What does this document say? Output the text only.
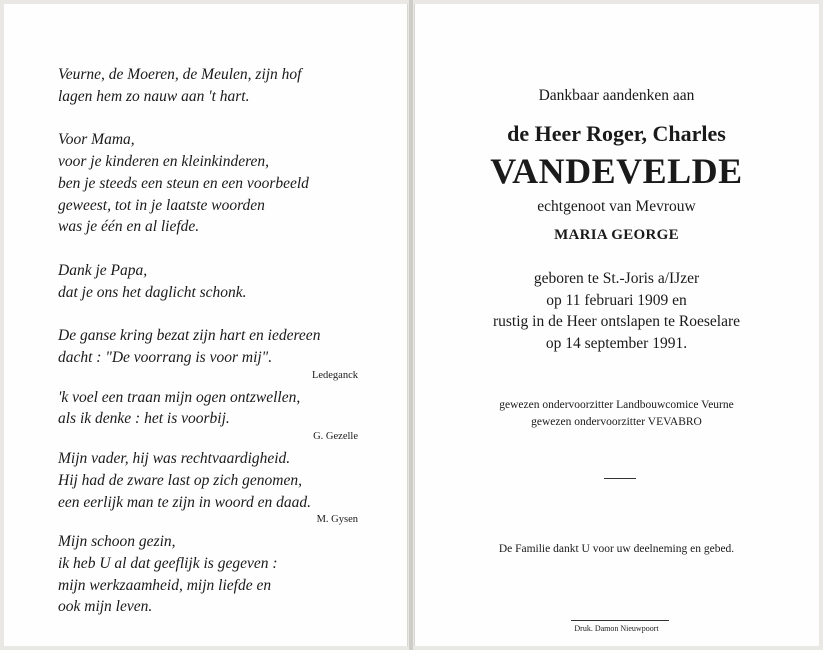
Veurne, de Moeren, de Meulen, zijn hof
lagen hem zo nauw aan 't hart.
Voor Mama,
voor je kinderen en kleinkinderen,
ben je steeds een steun en een voorbeeld
geweest, tot in je laatste woorden
was je één en al liefde.
Dank je Papa,
dat je ons het daglicht schonk.
De ganse kring bezat zijn hart en iedereen
dacht : "De voorrang is voor mij".
Ledeganck
'k voel een traan mijn ogen ontzwellen,
als ik denke : het is voorbij.
G. Gezelle
Mijn vader, hij was rechtvaardigheid.
Hij had de zware last op zich genomen,
een eerlijk man te zijn in woord en daad.
M. Gysen
Mijn schoon gezin,
ik heb U al dat geeflijk is gegeven :
mijn werkzaamheid, mijn liefde en
ook mijn leven.
Dankbaar aandenken aan
de Heer Roger, Charles
VANDEVELDE
echtgenoot van Mevrouw
MARIA GEORGE
geboren te St.-Joris a/IJzer
op 11 februari 1909 en
rustig in de Heer ontslapen te Roeselare
op 14 september 1991.
gewezen ondervoorzitter Landbouwcomice Veurne
gewezen ondervoorzitter VEVABRO
De Familie dankt U voor uw deelneming en gebed.
Druk. Damon Nieuwpoort
